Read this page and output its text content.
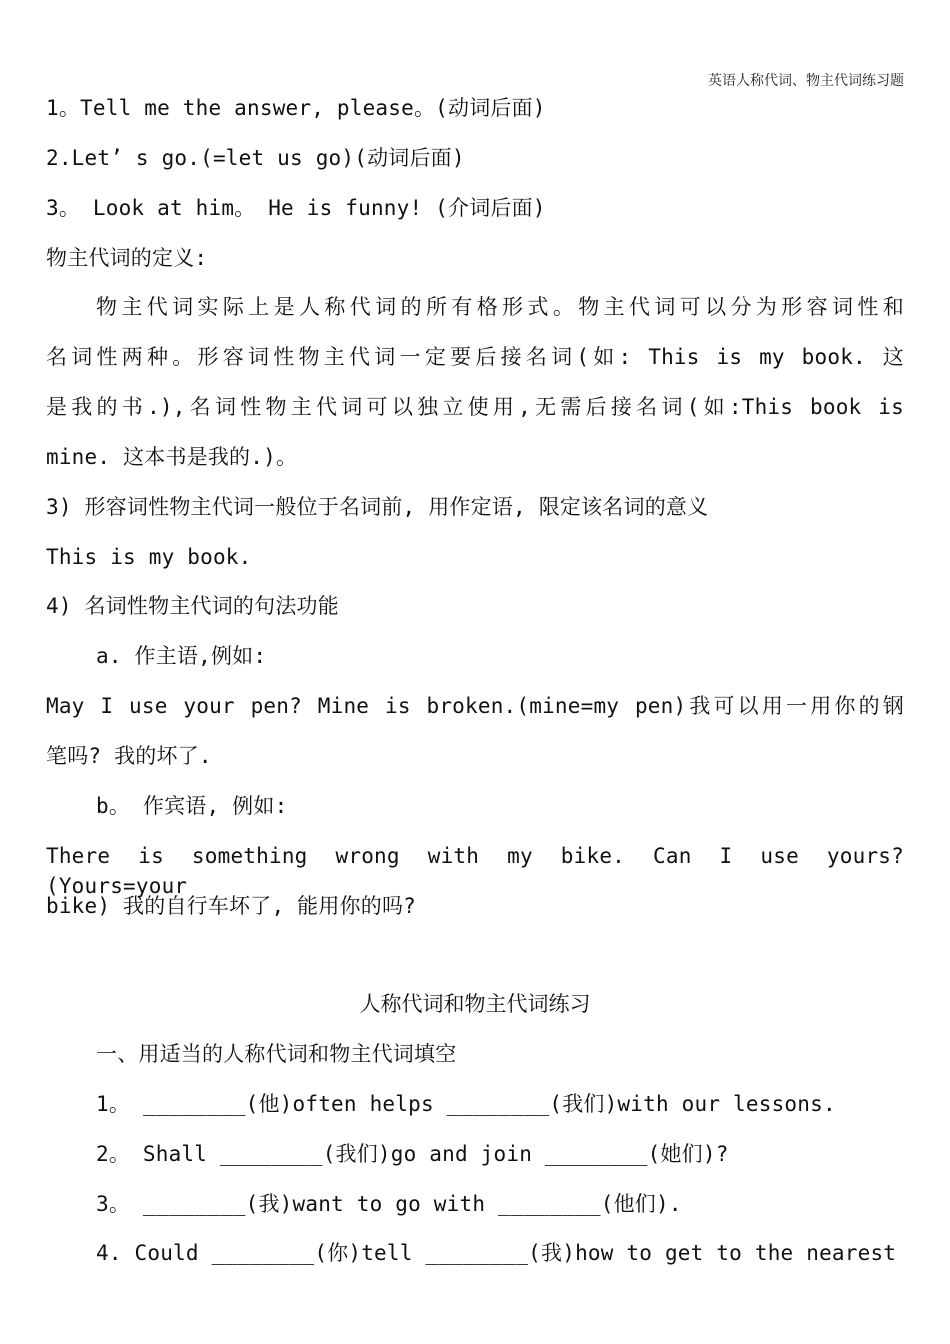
英语人称代词、物主代词练习题
1。Tell me the answer, please。(动词后面)
2.Let’ s go.(=let us go)(动词后面)
3。 Look at him。 He is funny! (介词后面)
物主代词的定义:
物主代词实际上是人称代词的所有格形式。物主代词可以分为形容词性和
名词性两种。形容词性物主代词一定要后接名词(如: This is my book. 这
是我的书.),名词性物主代词可以独立使用,无需后接名词(如:This book is
mine. 这本书是我的.)。
3) 形容词性物主代词一般位于名词前, 用作定语, 限定该名词的意义
This is my book.
4) 名词性物主代词的句法功能
a. 作主语,例如:
May I use your pen? Mine is broken.(mine=my pen)我可以用一用你的钢
笔吗? 我的坏了.
b。 作宾语, 例如:
There is something wrong with my bike. Can I use yours? (Yours=your
bike) 我的自行车坏了, 能用你的吗?
人称代词和物主代词练习
一、用适当的人称代词和物主代词填空
1。 ________(他)often helps ________(我们)with our lessons.
2。 Shall ________(我们)go and join ________(她们)?
3。 ________(我)want to go with ________(他们).
4. Could ________(你)tell ________(我)how to get to the nearest
